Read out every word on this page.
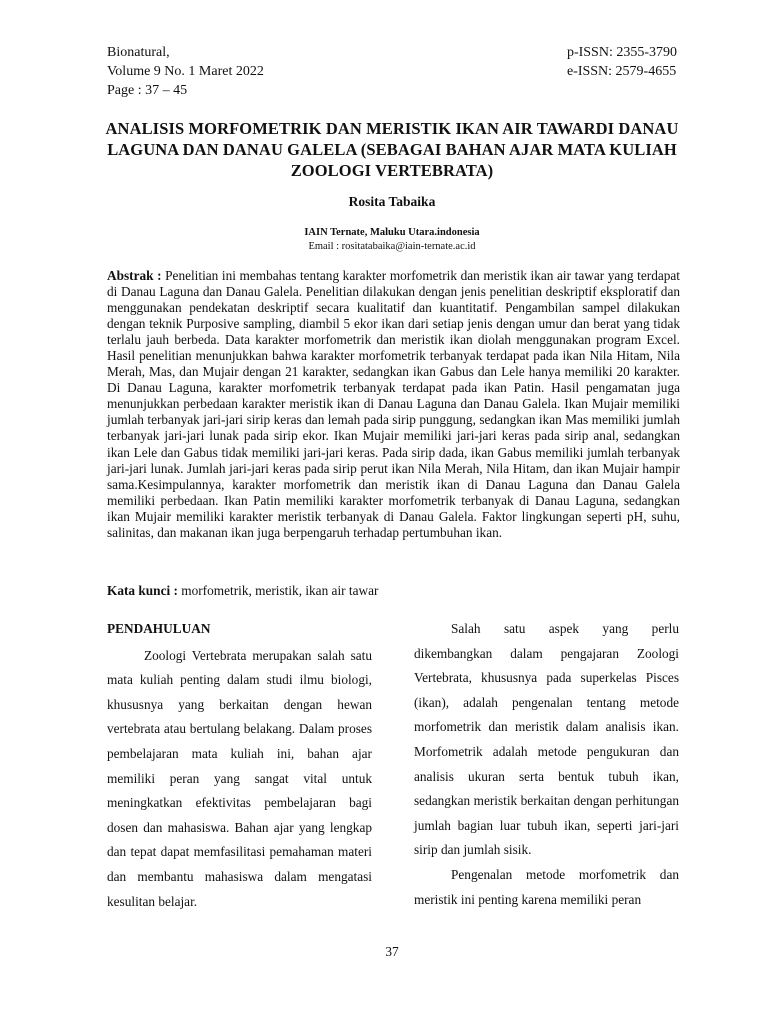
Bionatural,
Volume 9 No. 1 Maret 2022
Page : 37 – 45
p-ISSN: 2355-3790
e-ISSN: 2579-4655
ANALISIS MORFOMETRIK DAN MERISTIK IKAN AIR TAWARDI DANAU LAGUNA DAN DANAU GALELA (SEBAGAI BAHAN AJAR MATA KULIAH ZOOLOGI VERTEBRATA)
Rosita Tabaika
IAIN Ternate, Maluku Utara.indonesia
Email : rositatabaika@iain-ternate.ac.id
Abstrak : Penelitian ini membahas tentang karakter morfometrik dan meristik ikan air tawar yang terdapat di Danau Laguna dan Danau Galela. Penelitian dilakukan dengan jenis penelitian deskriptif eksploratif dan menggunakan pendekatan deskriptif secara kualitatif dan kuantitatif. Pengambilan sampel dilakukan dengan teknik Purposive sampling, diambil 5 ekor ikan dari setiap jenis dengan umur dan berat yang tidak terlalu jauh berbeda. Data karakter morfometrik dan meristik ikan diolah menggunakan program Excel. Hasil penelitian menunjukkan bahwa karakter morfometrik terbanyak terdapat pada ikan Nila Hitam, Nila Merah, Mas, dan Mujair dengan 21 karakter, sedangkan ikan Gabus dan Lele hanya memiliki 20 karakter. Di Danau Laguna, karakter morfometrik terbanyak terdapat pada ikan Patin. Hasil pengamatan juga menunjukkan perbedaan karakter meristik ikan di Danau Laguna dan Danau Galela. Ikan Mujair memiliki jumlah terbanyak jari-jari sirip keras dan lemah pada sirip punggung, sedangkan ikan Mas memiliki jumlah terbanyak jari-jari lunak pada sirip ekor. Ikan Mujair memiliki jari-jari keras pada sirip anal, sedangkan ikan Lele dan Gabus tidak memiliki jari-jari keras. Pada sirip dada, ikan Gabus memiliki jumlah terbanyak jari-jari lunak. Jumlah jari-jari keras pada sirip perut ikan Nila Merah, Nila Hitam, dan ikan Mujair hampir sama.Kesimpulannya, karakter morfometrik dan meristik ikan di Danau Laguna dan Danau Galela memiliki perbedaan. Ikan Patin memiliki karakter morfometrik terbanyak di Danau Laguna, sedangkan ikan Mujair memiliki karakter meristik terbanyak di Danau Galela. Faktor lingkungan seperti pH, suhu, salinitas, dan makanan ikan juga berpengaruh terhadap pertumbuhan ikan.
Kata kunci : morfometrik, meristik, ikan air tawar
PENDAHULUAN

Zoologi Vertebrata merupakan salah satu mata kuliah penting dalam studi ilmu biologi, khususnya yang berkaitan dengan hewan vertebrata atau bertulang belakang. Dalam proses pembelajaran mata kuliah ini, bahan ajar memiliki peran yang sangat vital untuk meningkatkan efektivitas pembelajaran bagi dosen dan mahasiswa. Bahan ajar yang lengkap dan tepat dapat memfasilitasi pemahaman materi dan membantu mahasiswa dalam mengatasi kesulitan belajar.

Salah satu aspek yang perlu dikembangkan dalam pengajaran Zoologi Vertebrata, khususnya pada superkelas Pisces (ikan), adalah pengenalan tentang metode morfometrik dan meristik dalam analisis ikan. Morfometrik adalah metode pengukuran dan analisis ukuran serta bentuk tubuh ikan, sedangkan meristik berkaitan dengan perhitungan jumlah bagian luar tubuh ikan, seperti jari-jari sirip dan jumlah sisik.

Pengenalan metode morfometrik dan meristik ini penting karena memiliki peran

37
